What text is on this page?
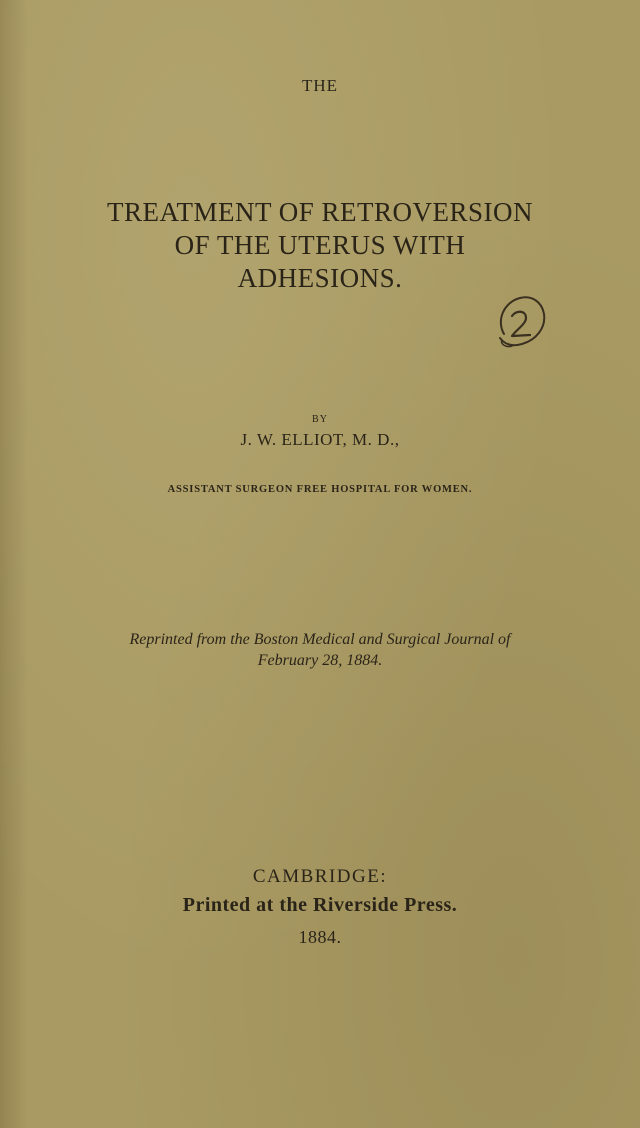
THE
TREATMENT OF RETROVERSION
OF THE UTERUS WITH
ADHESIONS.
BY
J. W. ELLIOT, M. D.,
ASSISTANT SURGEON FREE HOSPITAL FOR WOMEN.
Reprinted from the Boston Medical and Surgical Journal of
February 28, 1884.
CAMBRIDGE:
Printed at the Riverside Press.
1884.
